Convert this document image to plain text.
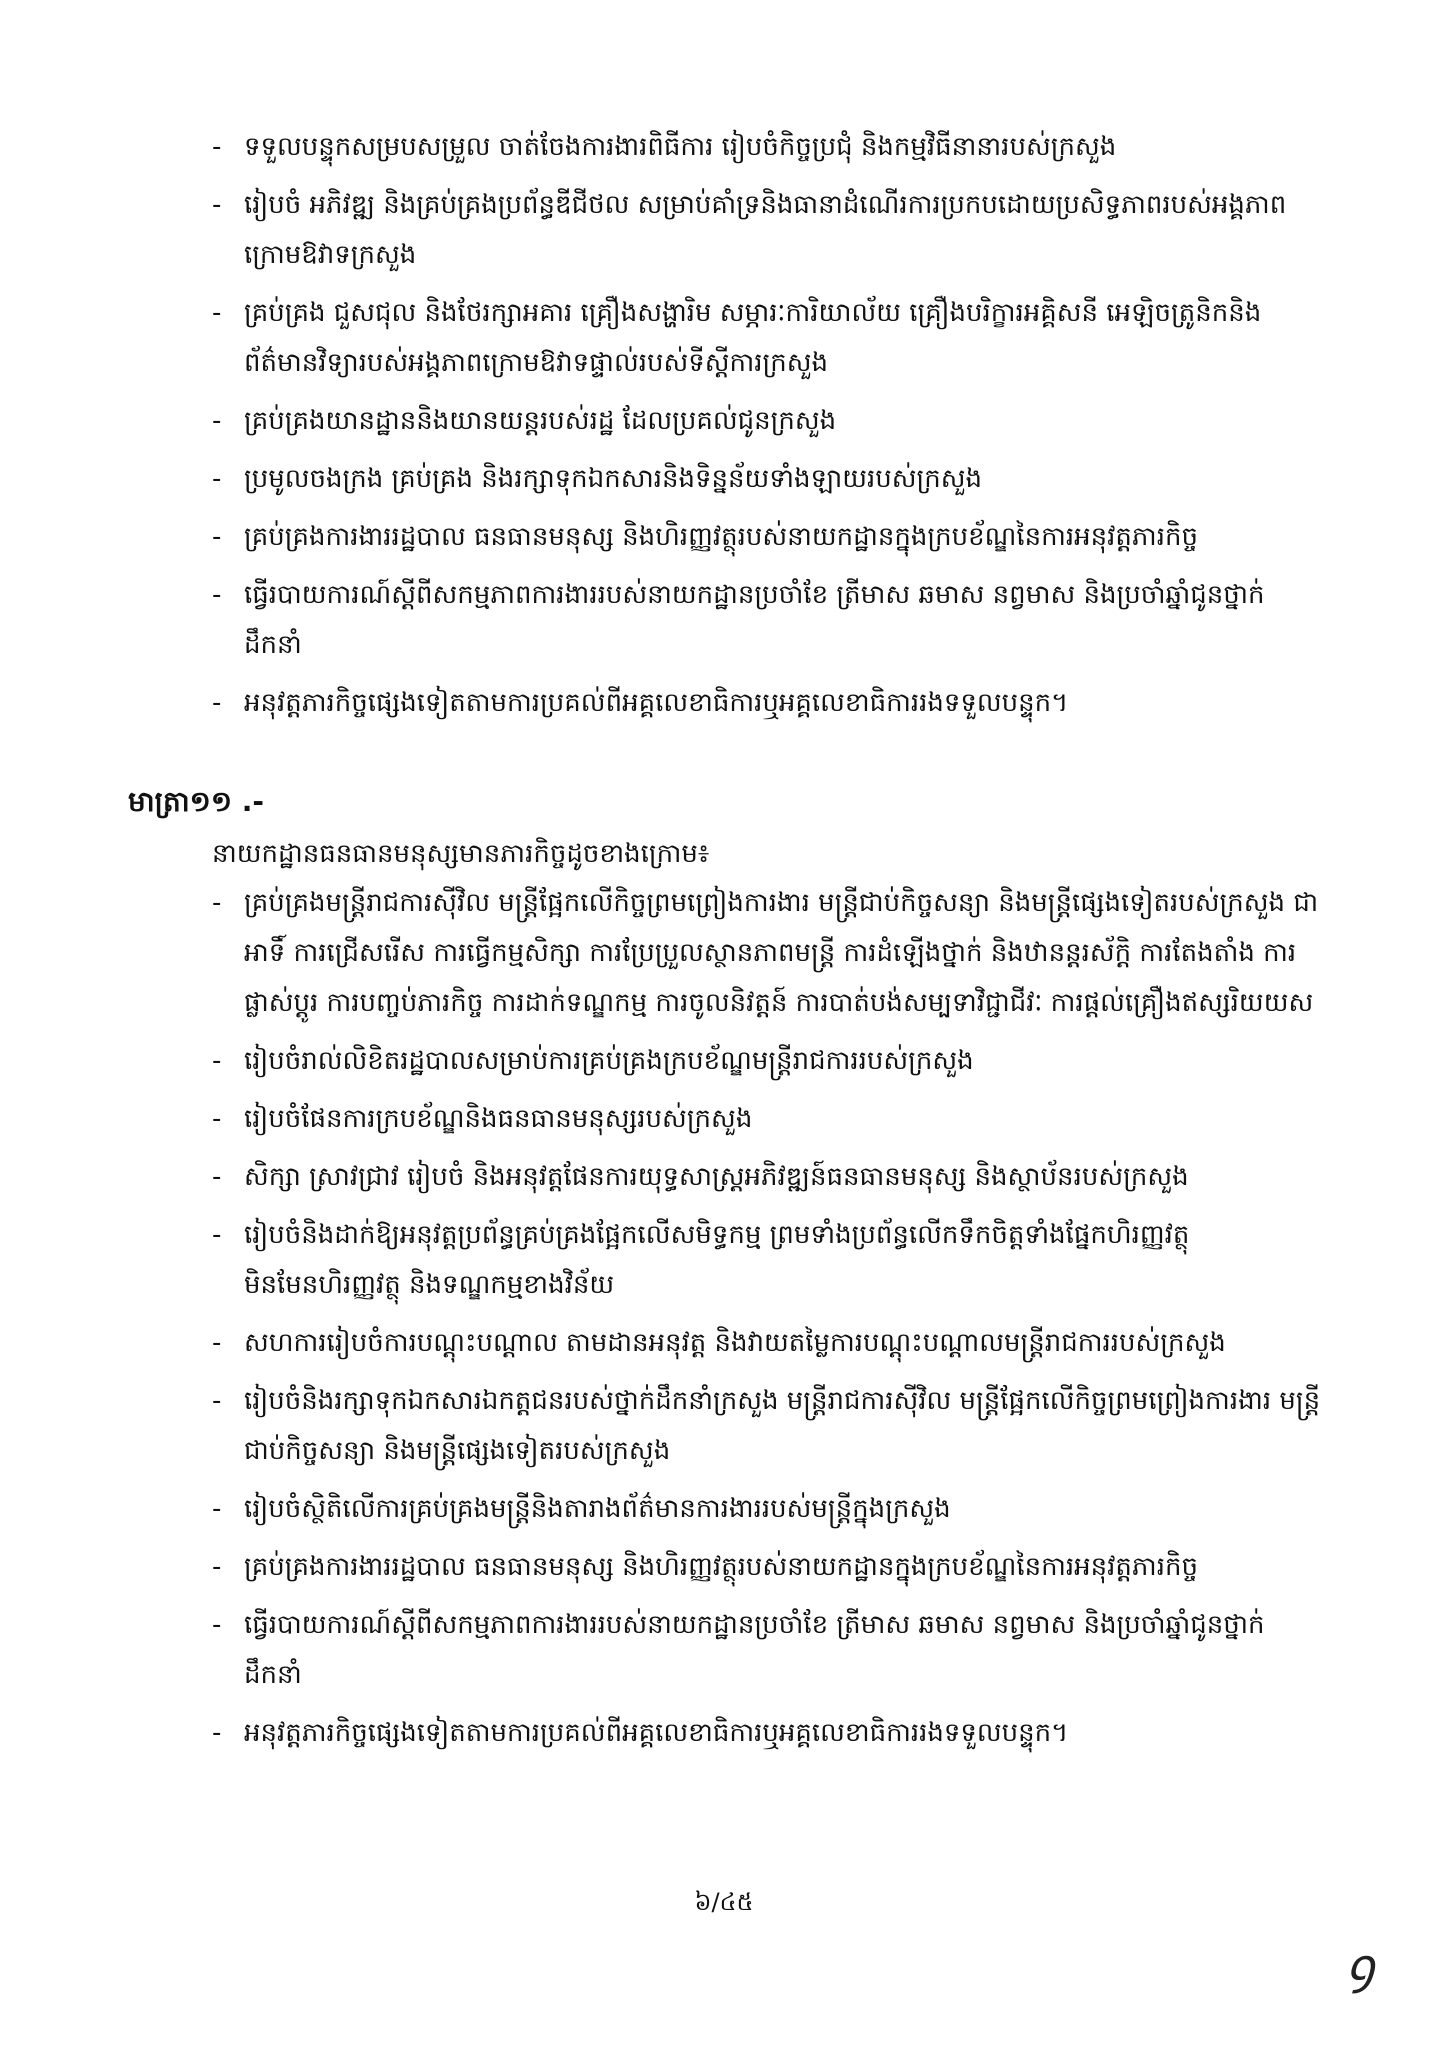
- ទទួលបន្ទុកសម្របសម្រួល ចាត់ចែងការងារពិធីការ រៀបចំកិច្ចប្រជុំ និងកម្មវិធីនានារបស់ក្រសួង
- រៀបចំ អភិវឌ្ឍ និងគ្រប់គ្រងប្រព័ន្ធឌីជីថល សម្រាប់គាំទ្រនិងធានាដំណើរការប្រកបដោយប្រសិទ្ធភាពរបស់អង្គភាពក្រោមឱវាទក្រសួង
- គ្រប់គ្រង ជួសជុល និងថែរក្សាអគារ គ្រឿងសង្ហារិម សម្ភារៈការិយាល័យ គ្រឿងបរិក្ខារអគ្គិសនី អេឡិចត្រូនិកនិងព័ត៌មានវិទ្យារបស់អង្គភាពក្រោមឱវាទផ្ទាល់របស់ទីស្ដីការក្រសួង
- គ្រប់គ្រងយានដ្ឋាននិងយានយន្តរបស់រដ្ឋ ដែលប្រគល់ជូនក្រសួង
- ប្រមូលចងក្រង គ្រប់គ្រង និងរក្សាទុកឯកសារនិងទិន្នន័យទាំងឡាយរបស់ក្រសួង
- គ្រប់គ្រងការងាររដ្ឋបាល ធនធានមនុស្ស និងហិរញ្ញវត្ថុរបស់នាយកដ្ឋានក្នុងក្របខ័ណ្ឌនៃការអនុវត្តភារកិច្ច
- ធ្វើរបាយការណ៍ស្ដីពីសកម្មភាពការងាររបស់នាយកដ្ឋានប្រចាំខែ ត្រីមាស ឆមាស នព្វមាស និងប្រចាំឆ្នាំជូនថ្នាក់ដឹកនាំ
- អនុវត្តភារកិច្ចផ្សេងទៀតតាមការប្រគល់ពីអគ្គលេខាធិការឬអគ្គលេខាធិការរងទទួលបន្ទុក។
មាត្រា១១ .-
នាយកដ្ឋានធនធានមនុស្សមានភារកិច្ចដូចខាងក្រោម៖
- គ្រប់គ្រងមន្ត្រីរាជការស៊ីវិល មន្ត្រីផ្អែកលើកិច្ចព្រមព្រៀងការងារ មន្ត្រីជាប់កិច្ចសន្យា និងមន្ត្រីផ្សេងទៀតរបស់ក្រសួង ជាអាទិ៍ ការជ្រើសរើស ការធ្វើកម្មសិក្សា ការប្រែប្រួលស្ថានភាពមន្ត្រី ការដំឡើងថ្នាក់ និងឋានន្តរស័ក្តិ ការតែងតាំង ការផ្លាស់ប្ដូរ ការបញ្ចប់ភារកិច្ច ការដាក់ទណ្ឌកម្ម ការចូលនិវត្តន៍ ការបាត់បង់សម្បទាវិជ្ជាជីវៈ ការផ្ដល់គ្រឿងឥស្សរិយយស
- រៀបចំរាល់លិខិតរដ្ឋបាលសម្រាប់ការគ្រប់គ្រងក្របខ័ណ្ឌមន្ត្រីរាជការរបស់ក្រសួង
- រៀបចំផែនការក្របខ័ណ្ឌនិងធនធានមនុស្សរបស់ក្រសួង
- សិក្សា ស្រាវជ្រាវ រៀបចំ និងអនុវត្តផែនការយុទ្ធសាស្ត្រអភិវឌ្ឍន៍ធនធានមនុស្ស និងស្ថាប័នរបស់ក្រសួង
- រៀបចំនិងដាក់ឱ្យអនុវត្តប្រព័ន្ធគ្រប់គ្រងផ្អែកលើសមិទ្ធកម្ម ព្រមទាំងប្រព័ន្ធលើកទឹកចិត្តទាំងផ្នែកហិរញ្ញវត្ថុ មិនមែនហិរញ្ញវត្ថុ និងទណ្ឌកម្មខាងវិន័យ
- សហការរៀបចំការបណ្ដុះបណ្ដាល តាមដានអនុវត្ត និងវាយតម្លៃការបណ្ដុះបណ្ដាលមន្ត្រីរាជការរបស់ក្រសួង
- រៀបចំនិងរក្សាទុកឯកសារឯកត្តជនរបស់ថ្នាក់ដឹកនាំក្រសួង មន្ត្រីរាជការស៊ីវិល មន្ត្រីផ្អែកលើកិច្ចព្រមព្រៀងការងារ មន្ត្រីជាប់កិច្ចសន្យា និងមន្ត្រីផ្សេងទៀតរបស់ក្រសួង
- រៀបចំស្ថិតិលើការគ្រប់គ្រងមន្ត្រីនិងតារាងព័ត៌មានការងាររបស់មន្ត្រីក្នុងក្រសួង
- គ្រប់គ្រងការងាររដ្ឋបាល ធនធានមនុស្ស និងហិរញ្ញវត្ថុរបស់នាយកដ្ឋានក្នុងក្របខ័ណ្ឌនៃការអនុវត្តភារកិច្ច
- ធ្វើរបាយការណ៍ស្ដីពីសកម្មភាពការងាររបស់នាយកដ្ឋានប្រចាំខែ ត្រីមាស ឆមាស នព្វមាស និងប្រចាំឆ្នាំជូនថ្នាក់ដឹកនាំ
- អនុវត្តភារកិច្ចផ្សេងទៀតតាមការប្រគល់ពីអគ្គលេខាធិការឬអគ្គលេខាធិការរងទទួលបន្ទុក។
៦/៤៥
ꝯ
